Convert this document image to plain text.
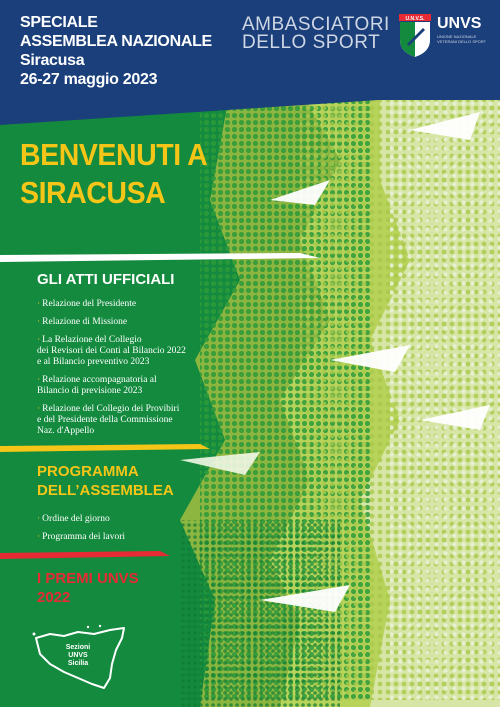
SPECIALE
ASSEMBLEA NAZIONALE
Siracusa
26-27 maggio 2023
AMBASCIATORI
DELLO SPORT
U.N.V.S. UNVS
UNIONE NAZIONALE VETERANI DELLO SPORT
BENVENUTI A
SIRACUSA
GLI ATTI UFFICIALI
· Relazione del Presidente
· Relazione di Missione
· La Relazione del Collegio
dei Revisori dei Conti al Bilancio 2022
e al Bilancio preventivo 2023
· Relazione accompagnatoria al
Bilancio di previsione 2023
· Relazione del Collegio dei Provibiri
e del Presidente della Commissione
Naz. d'Appello
PROGRAMMA
DELL’ASSEMBLEA
· Ordine del giorno
· Programma dei lavori
I PREMI UNVS
2022
Sezioni
UNVS
Sicilia
